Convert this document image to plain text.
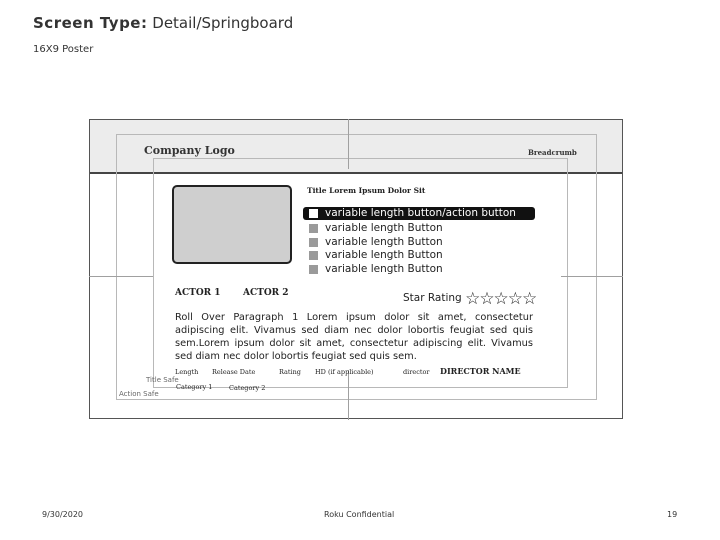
Screen Type: Detail/Springboard
16X9 Poster
Company Logo	Breadcrumb
Title Lorem Ipsum Dolor Sit
variable length button/action button
variable length Button
variable length Button
variable length Button
variable length Button
ACTOR 1 ACTOR 2	Star Rating ☆☆☆☆☆
Roll Over Paragraph 1 Lorem ipsum dolor sit amet, consectetur adipiscing elit. Vivamus sed diam nec dolor lobortis feugiat sed quis sem.Lorem ipsum dolor sit amet, consectetur adipiscing elit. Vivamus sed diam nec dolor lobortis feugiat sed quis sem.
Length Release Date	Rating HD (if applicable)	director DIRECTOR NAME
Category 1	Category 2
Title Safe
Action Safe
9/30/2020	Roku Confidential	19
